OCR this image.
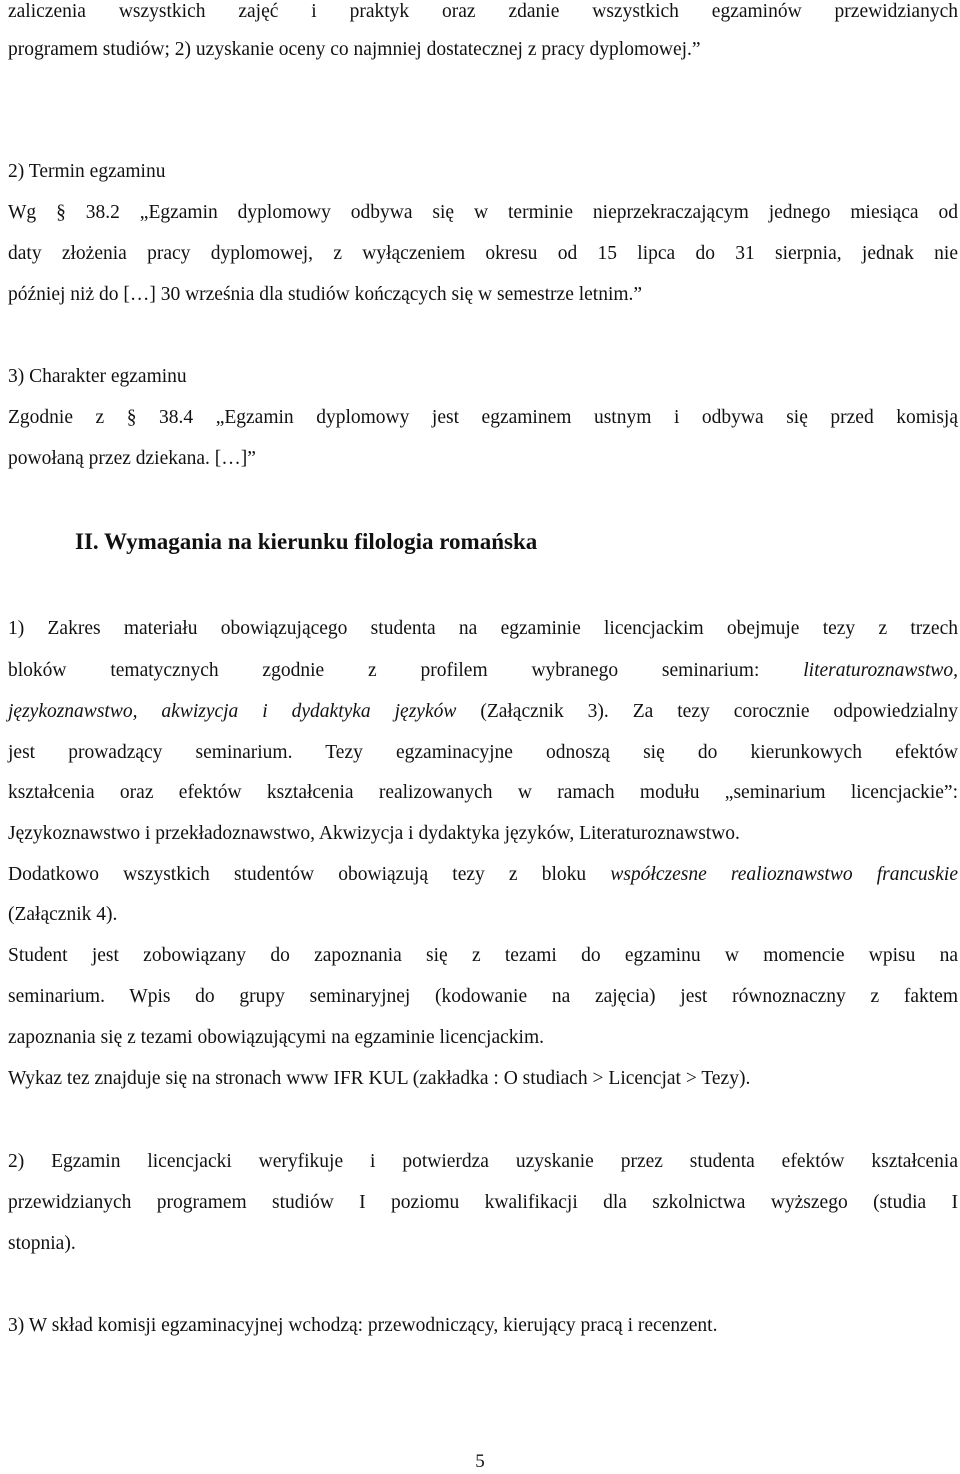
zaliczenia wszystkich zajęć i praktyk oraz zdanie wszystkich egzaminów przewidzianych
programem studiów; 2) uzyskanie oceny co najmniej dostatecznej z pracy dyplomowej.”
2) Termin egzaminu
Wg § 38.2 „Egzamin dyplomowy odbywa się w terminie nieprzekraczającym jednego miesiąca od
daty złożenia pracy dyplomowej, z wyłączeniem okresu od 15 lipca do 31 sierpnia, jednak nie
później niż do […] 30 września dla studiów kończących się w semestrze letnim.”
3) Charakter egzaminu
Zgodnie z § 38.4 „Egzamin dyplomowy jest egzaminem ustnym i odbywa się przed komisją
powołaną przez dziekana. […]”
II. Wymagania na kierunku filologia romańska
1) Zakres materiału obowiązującego studenta na egzaminie licencjackim obejmuje tezy z trzech
bloków tematycznych zgodnie z profilem wybranego seminarium: literaturoznawstwo,
językoznawstwo, akwizycja i dydaktyka języków (Załącznik 3). Za tezy corocznie odpowiedzialny
jest prowadzący seminarium. Tezy egzaminacyjne odnoszą się do kierunkowych efektów
kształcenia oraz efektów kształcenia realizowanych w ramach modułu „seminarium licencjackie”:
Językoznawstwo i przekładoznawstwo, Akwizycja i dydaktyka języków, Literaturoznawstwo.
Dodatkowo wszystkich studentów obowiązują tezy z bloku współczesne realioznawstwo francuskie
(Załącznik 4).
Student jest zobowiązany do zapoznania się z tezami do egzaminu w momencie wpisu na
seminarium. Wpis do grupy seminaryjnej (kodowanie na zajęcia) jest równoznaczny z faktem
zapoznania się z tezami obowiązującymi na egzaminie licencjackim.
Wykaz tez znajduje się na stronach www IFR KUL (zakładka : O studiach > Licencjat > Tezy).
2) Egzamin licencjacki weryfikuje i potwierdza uzyskanie przez studenta efektów kształcenia
przewidzianych programem studiów I poziomu kwalifikacji dla szkolnictwa wyższego (studia I
stopnia).
3) W skład komisji egzaminacyjnej wchodzą: przewodniczący, kierujący pracą i recenzent.
5
